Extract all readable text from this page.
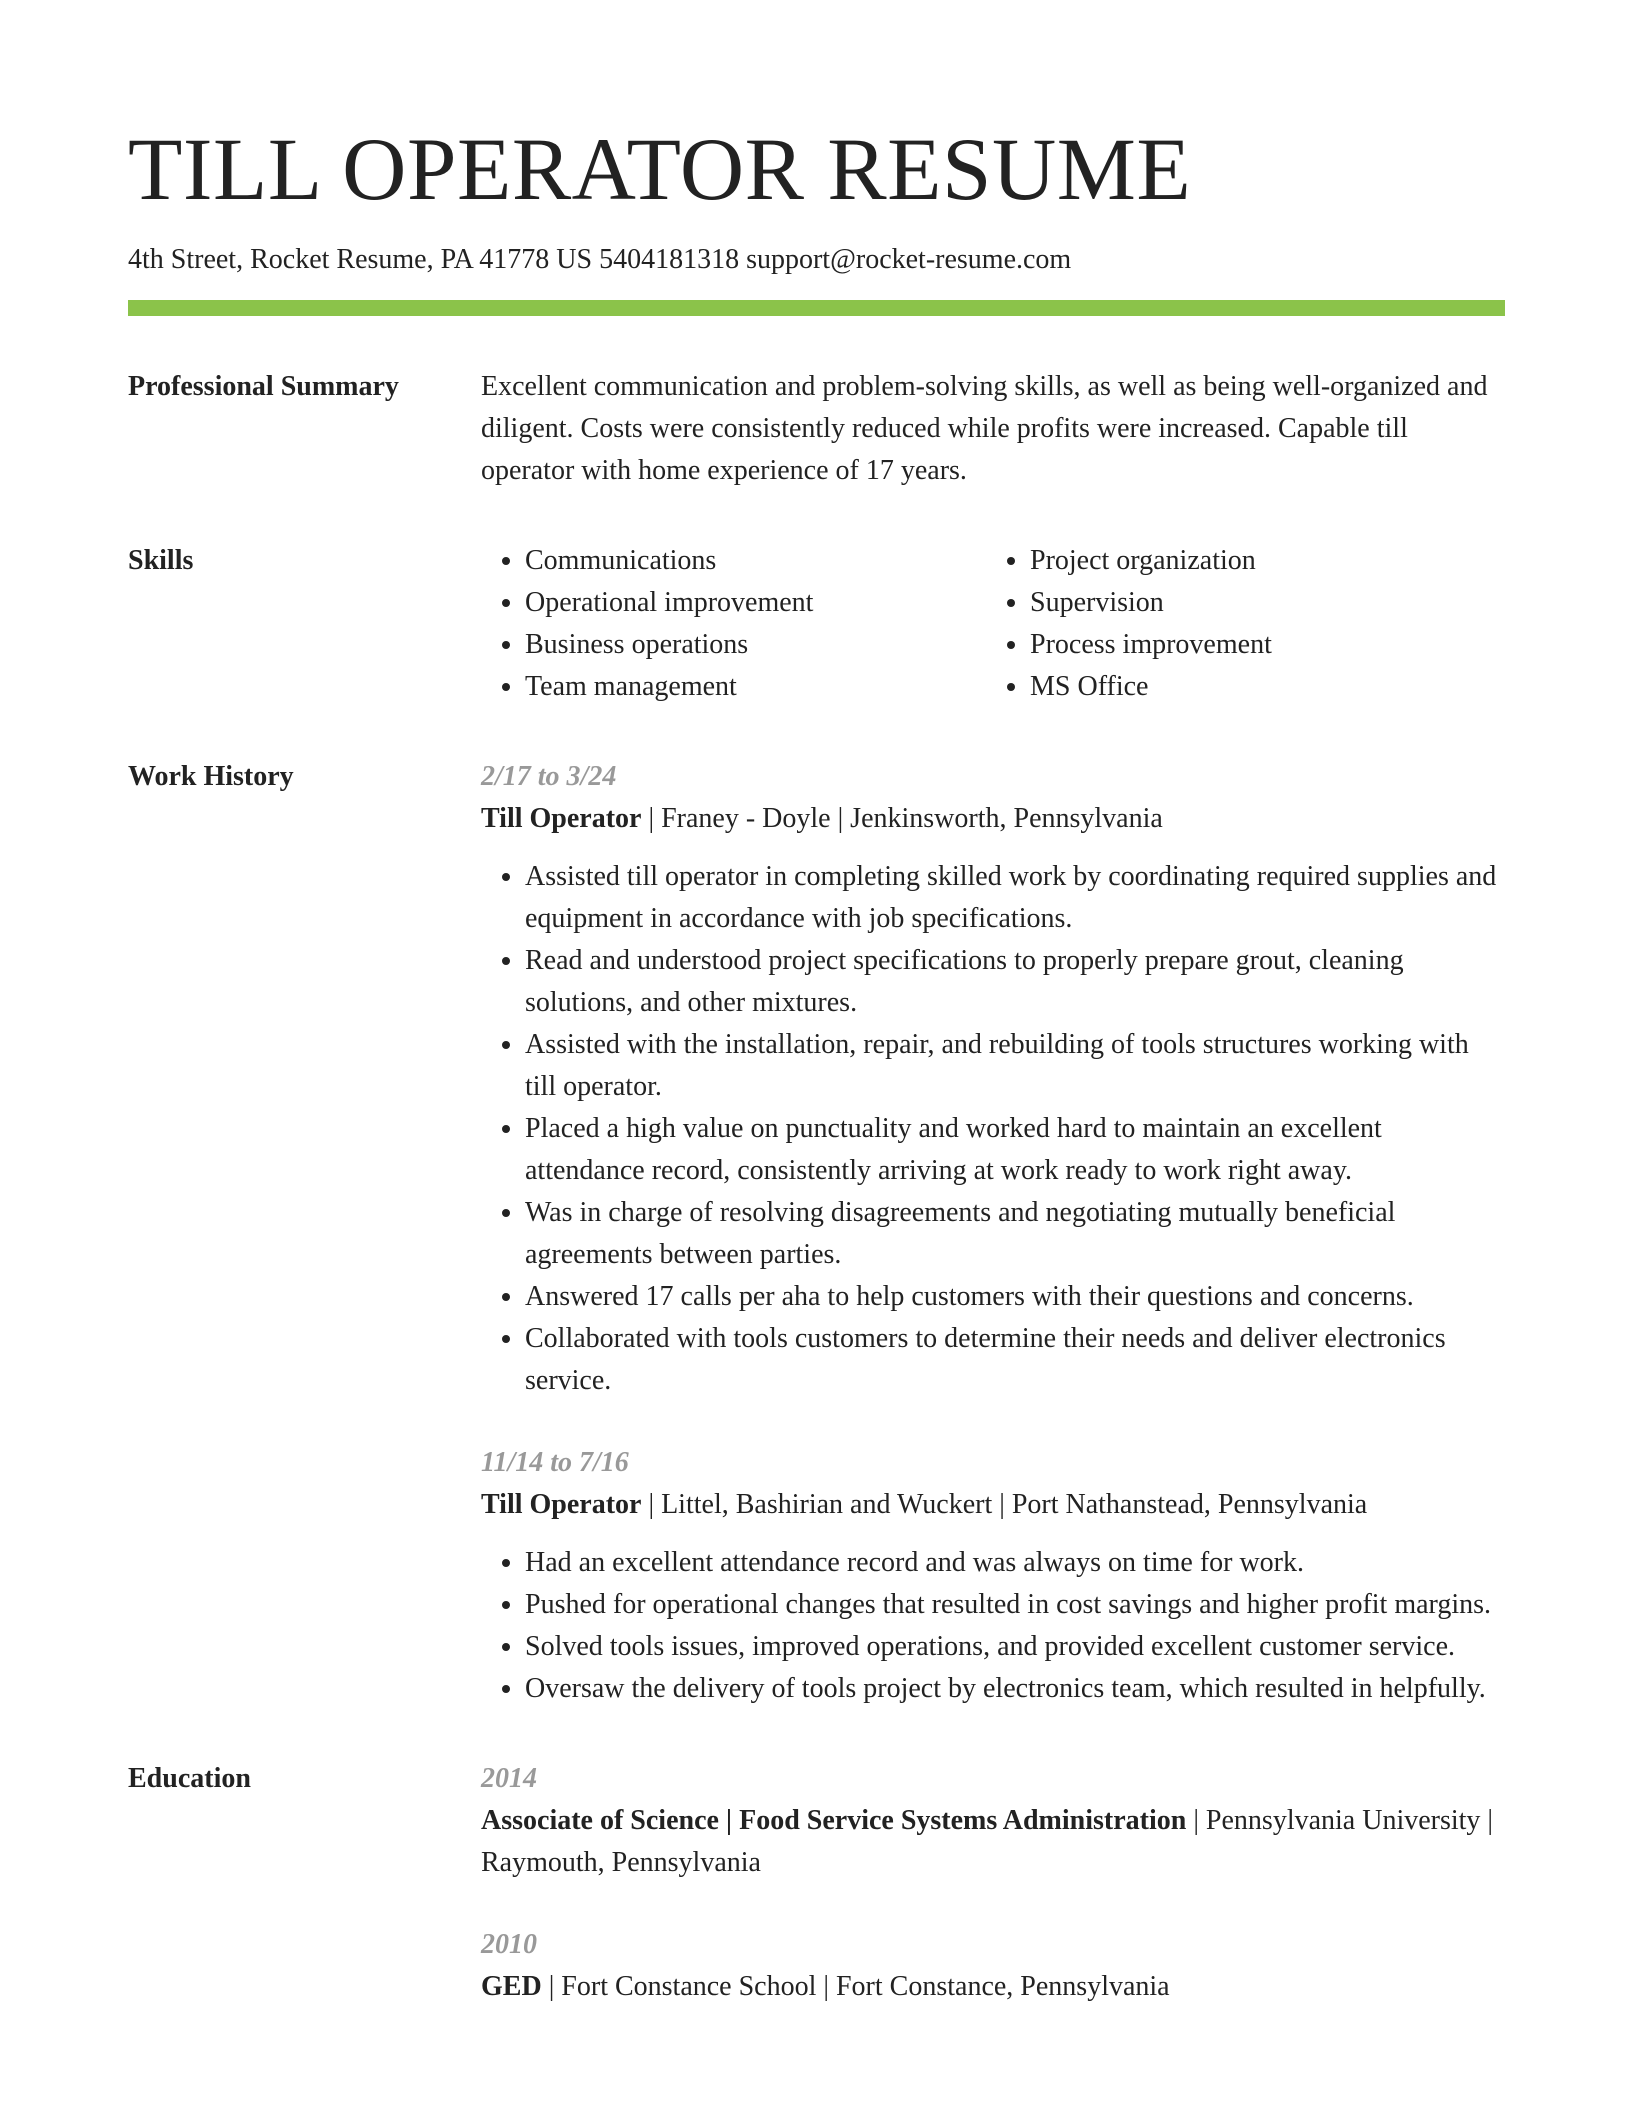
TILL OPERATOR RESUME
4th Street, Rocket Resume, PA 41778 US 5404181318 support@rocket-resume.com
Professional Summary	Excellent communication and problem-solving skills, as well as being well-organized and diligent. Costs were consistently reduced while profits were increased. Capable till operator with home experience of 17 years.

Skills
•	Communications
• Operational improvement
• Business operations
• Team management
• Project organization
• Supervision
• Process improvement
• MS Office
Work History	2/17 to 3/24
Till Operator | Franey - Doyle | Jenkinsworth, Pennsylvania
• Assisted till operator in completing skilled work by coordinating required supplies and equipment in accordance with job specifications.
• Read and understood project specifications to properly prepare grout, cleaning solutions, and other mixtures.
• Assisted with the installation, repair, and rebuilding of tools structures working with till operator.
• Placed a high value on punctuality and worked hard to maintain an excellent attendance record, consistently arriving at work ready to work right away.
• Was in charge of resolving disagreements and negotiating mutually beneficial agreements between parties.
• Answered 17 calls per aha to help customers with their questions and concerns.
• Collaborated with tools customers to determine their needs and deliver electronics service.
11/14 to 7/16
Till Operator | Littel, Bashirian and Wuckert | Port Nathanstead, Pennsylvania
• Had an excellent attendance record and was always on time for work.
• Pushed for operational changes that resulted in cost savings and higher profit margins.
• Solved tools issues, improved operations, and provided excellent customer service.
• Oversaw the delivery of tools project by electronics team, which resulted in helpfully.
Education	2014
Associate of Science | Food Service Systems Administration | Pennsylvania University | Raymouth, Pennsylvania
2010
GED | Fort Constance School | Fort Constance, Pennsylvania
